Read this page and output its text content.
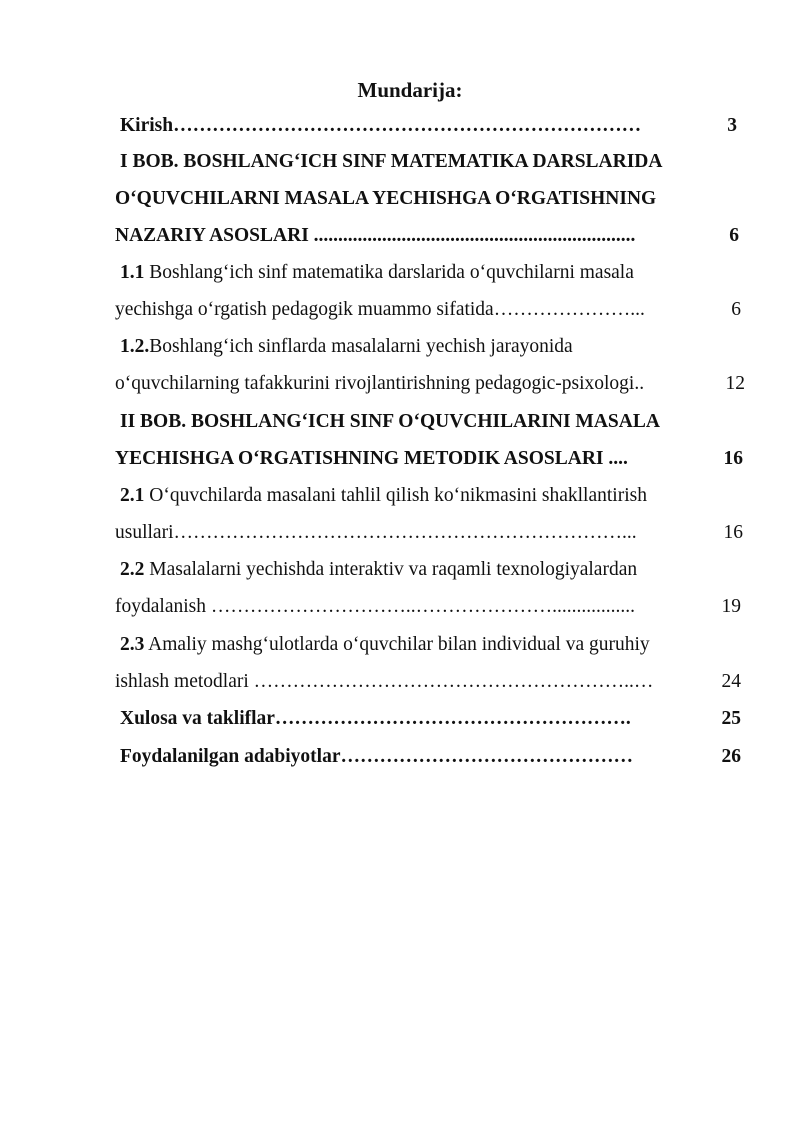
Mundarija:
Kirish………………………………………………………………	3
I BOB. BOSHLANG‘ICH SINF MATEMATIKA DARSLARIDA
O‘QUVCHILARNI MASALA YECHISHGA O‘RGATISHNING
NAZARIY ASOSLARI ..................................................................	6
1.1 Boshlang‘ich sinf matematika darslarida o‘quvchilarni masala
yechishga o‘rgatish pedagogik muammo sifatida…………………...	6
1.2.Boshlang‘ich sinflarda masalalarni yechish jarayonida
o‘quvchilarning tafakkurini rivojlantirishning pedagogic-psixologi..	12
II BOB. BOSHLANG‘ICH SINF O‘QUVCHILARINI MASALA
YECHISHGA O‘RGATISHNING METODIK ASOSLARI ....	16
2.1 O‘quvchilarda masalani tahlil qilish ko‘nikmasini shakllantirish
usullari……………………………………………………………...	16
2.2 Masalalarni yechishda interaktiv va raqamli texnologiyalardan
foydalanish …………………………..………………….................	19
2.3 Amaliy mashg‘ulotlarda o‘quvchilar bilan individual va guruhiy
ishlash metodlari …………………………………………………..…	24
Xulosa va takliflar……………………………………………….	25
Foydalanilgan adabiyotlar………………………………………	26
